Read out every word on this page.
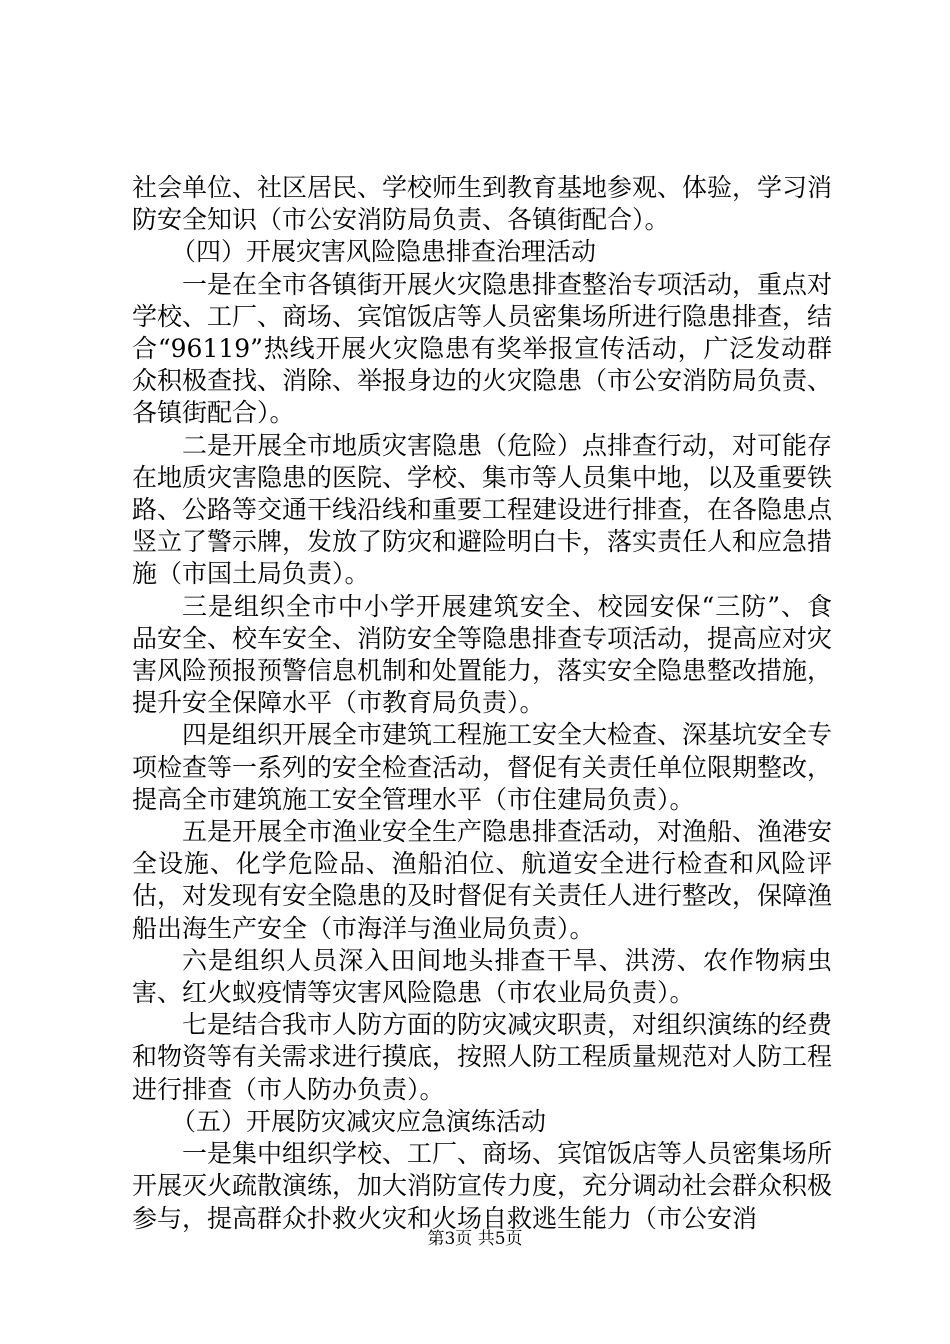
社会单位、社区居民、学校师生到教育基地参观、体验，学习消防安全知识（市公安消防局负责、各镇街配合）。

（四）开展灾害风险隐患排查治理活动

一是在全市各镇街开展火灾隐患排查整治专项活动，重点对学校、工厂、商场、宾馆饭店等人员密集场所进行隐患排查，结合“96119”热线开展火灾隐患有奖举报宣传活动，广泛发动群众积极查找、消除、举报身边的火灾隐患（市公安消防局负责、各镇街配合）。

二是开展全市地质灾害隐患（危险）点排查行动，对可能存在地质灾害隐患的医院、学校、集市等人员集中地，以及重要铁路、公路等交通干线沿线和重要工程建设进行排查，在各隐患点竖立了警示牌，发放了防灾和避险明白卡，落实责任人和应急措施（市国土局负责）。

三是组织全市中小学开展建筑安全、校园安保“三防”、食品安全、校车安全、消防安全等隐患排查专项活动，提高应对灾害风险预报预警信息机制和处置能力，落实安全隐患整改措施，提升安全保障水平（市教育局负责）。

四是组织开展全市建筑工程施工安全大检查、深基坑安全专项检查等一系列的安全检查活动，督促有关责任单位限期整改，提高全市建筑施工安全管理水平（市住建局负责）。

五是开展全市渔业安全生产隐患排查活动，对渔船、渔港安全设施、化学危险品、渔船泊位、航道安全进行检查和风险评估，对发现有安全隐患的及时督促有关责任人进行整改，保障渔船出海生产安全（市海洋与渔业局负责）。

六是组织人员深入田间地头排查干旱、洪涝、农作物病虫害、红火蚁疫情等灾害风险隐患（市农业局负责）。

七是结合我市人防方面的防灾减灾职责，对组织演练的经费和物资等有关需求进行摸底，按照人防工程质量规范对人防工程进行排查（市人防办负责）。

（五）开展防灾减灾应急演练活动

一是集中组织学校、工厂、商场、宾馆饭店等人员密集场所开展灭火疏散演练，加大消防宣传力度，充分调动社会群众积极参与，提高群众扑救火灾和火场自救逃生能力（市公安消

第3页 共5页
